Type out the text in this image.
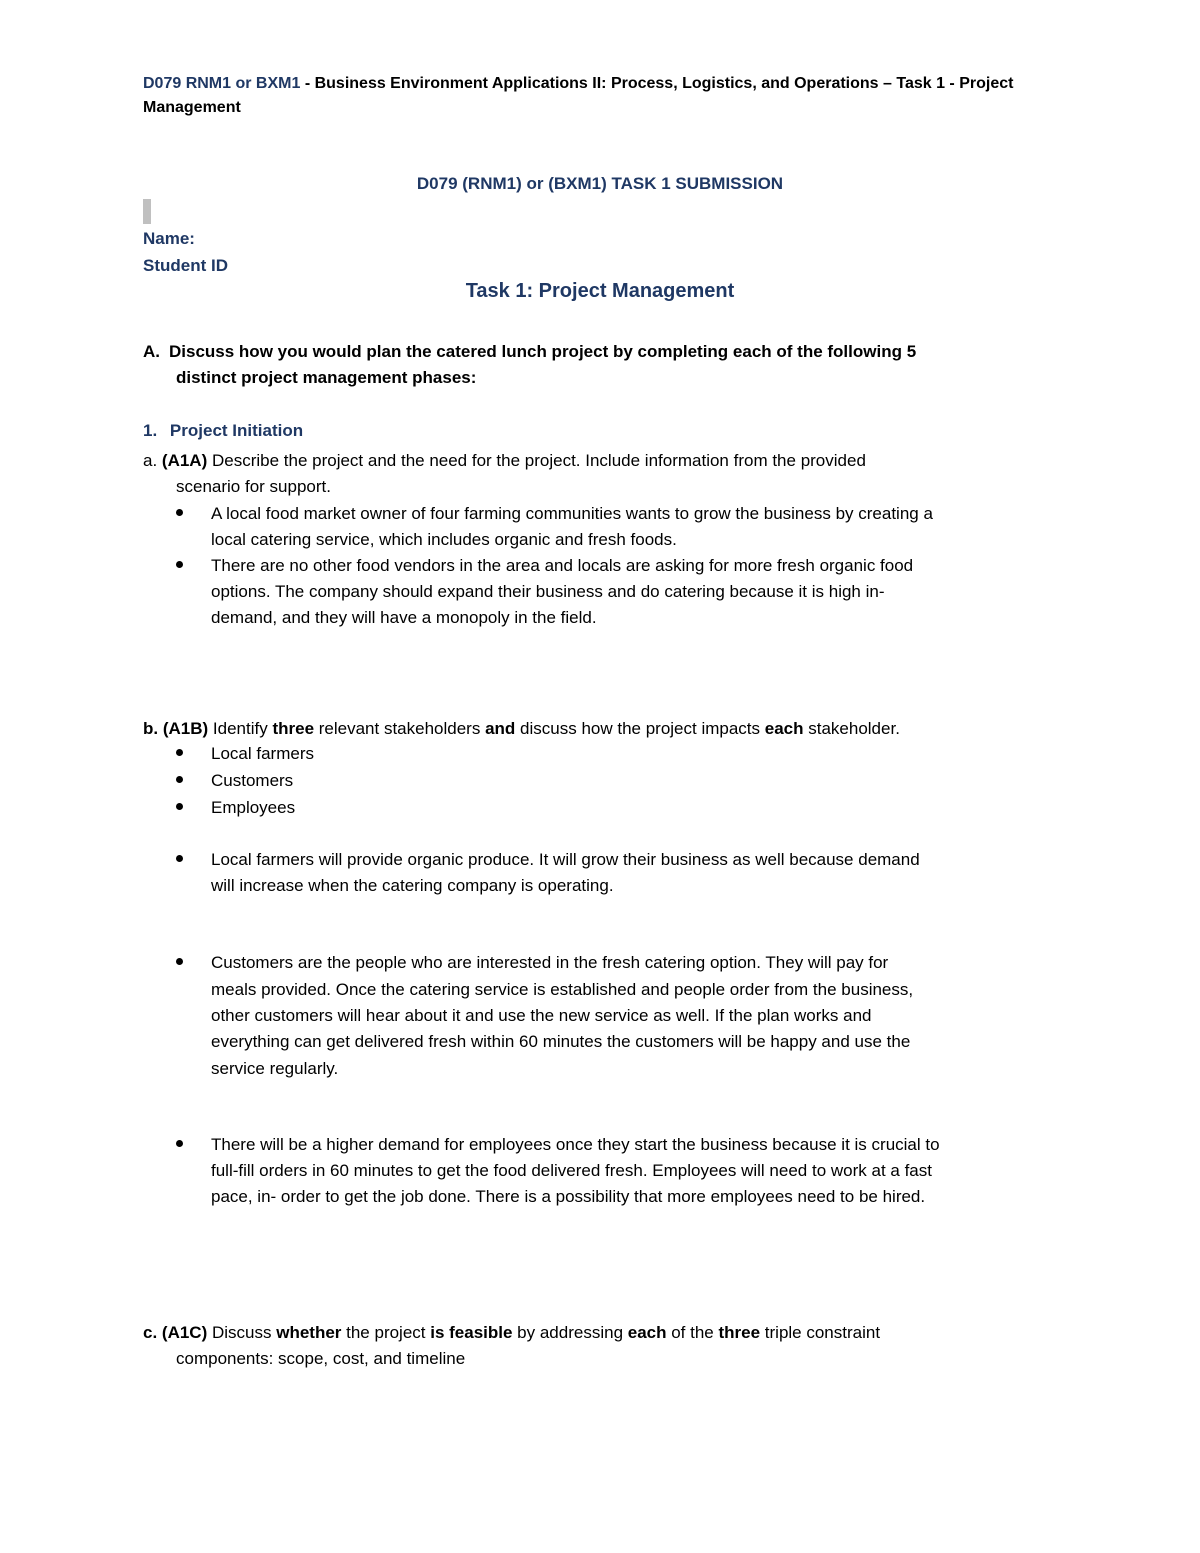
D079 RNM1 or BXM1 - Business Environment Applications II: Process, Logistics, and Operations – Task 1 - Project
Management
D079 (RNM1) or (BXM1) TASK 1 SUBMISSION
Name:
Student ID
Task 1: Project Management
A. Discuss how you would plan the catered lunch project by completing each of the following 5
distinct project management phases:
1. Project Initiation
a. (A1A) Describe the project and the need for the project. Include information from the provided
scenario for support.
A local food market owner of four farming communities wants to grow the business by creating a
local catering service, which includes organic and fresh foods.
There are no other food vendors in the area and locals are asking for more fresh organic food
options. The company should expand their business and do catering because it is high in-
demand, and they will have a monopoly in the field.
b. (A1B) Identify three relevant stakeholders and discuss how the project impacts each stakeholder.
Local farmers
Customers
Employees
Local farmers will provide organic produce. It will grow their business as well because demand
will increase when the catering company is operating.
Customers are the people who are interested in the fresh catering option. They will pay for
meals provided. Once the catering service is established and people order from the business,
other customers will hear about it and use the new service as well. If the plan works and
everything can get delivered fresh within 60 minutes the customers will be happy and use the
service regularly.
There will be a higher demand for employees once they start the business because it is crucial to
full-fill orders in 60 minutes to get the food delivered fresh. Employees will need to work at a fast
pace, in- order to get the job done. There is a possibility that more employees need to be hired.
c. (A1C) Discuss whether the project is feasible by addressing each of the three triple constraint
components: scope, cost, and timeline
